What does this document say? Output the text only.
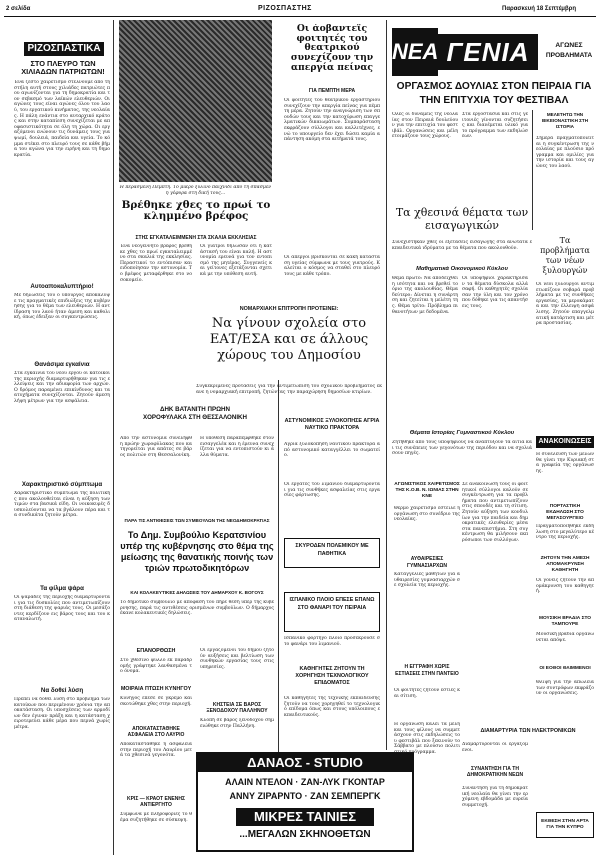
2 σελίδα	ΡΙΖΟΣΠΑΣΤΗΣ	Παρασκευή 18 Σεπτέμβρη
ΡΙΖΟΣΠΑΣΤΙΚΑ
ΣΤΟ ΠΛΕΥΡΟ ΤΩΝ ΧΙΛΙΑΔΩΝ ΠΑΤΡΙΩΤΩΝ!
Ένα ζεστό χαιρετισμό στέλνουμε από τη στήλη αυτή στους χιλιάδες πατριώτες που αγωνίζονται για τη δημοκρατία και τον σεβασμό των λαϊκών ελευθεριών. Οι αγώνες τους είναι αγώνες όλου του λαού, του εργατικού κινήματος, της νεολαίας. Η πάλη ενάντια στο αυταρχικό κράτος και στην καταπίεση συνεχίζεται με αποφασιστικότητα σε όλη τη χώρα. Οι εργαζόμενοι ενώνουν τις δυνάμεις τους για ψωμί, δουλειά, παιδεία και υγεία. Το κόμμα στέκει στο πλευρό τους σε κάθε βήμα του αγώνα για την ειρήνη και τη δημοκρατία.
Αυτοαποκαλυπτήριο!
Με δηλώσεις του ο υπουργός αποκάλυψε τις πραγματικές επιδιώξεις της κυβέρνησης για το θέμα των ελευθεριών. Η αντίδραση του λαού ήταν άμεση και καθολική, όπως έδειξαν οι συγκεντρώσεις.
Θανάσιμα εγκαίνια
Στα εγκαίνια του νέου έργου οι κάτοικοι της περιοχής διαμαρτυρήθηκαν για τις ελλείψεις και την αδιαφορία των αρχών. Ο δρόμος παραμένει επικίνδυνος και τα ατυχήματα συνεχίζονται. Ζητούν άμεση λήψη μέτρων για την ασφάλεια.
Χαρακτηριστικό σύμπτωμα
Χαρακτηριστικό σύμπτωμα της πολιτικής που ακολουθείται είναι η αύξηση των τιμών στα βασικά είδη. Οι νοικοκυρές δυσκολεύονται να τα βγάλουν πέρα και τα συνδικάτα ζητούν μέτρα.
Τα φίλμα ψάρα
Οι ψαράδες της περιοχής διαμαρτύρονται για τις δυσκολίες που αντιμετωπίζουν στη διάθεση της ψαριάς τους. Οι μεσάζοντες κερδίζουν εις βάρος τους και του καταναλωτή.
Να δοθεί λύση
Πρέπει να δοθεί λύση στο πρόβλημα των κατοίκων που περιμένουν χρόνια την αποκατάσταση. Οι υποσχέσεις των αρμοδίων δεν έγιναν πράξη και η κατάσταση χειροτερεύει κάθε μέρα που περνά χωρίς μέτρα.
Η περασμένη Πέμπτη. Το μικρό ξύλινο παιχνίδι από τη σπασμένη γέφυρα στη δική τους...
Βρέθηκε χθες το πρωί το κλημμένο βρέφος
ΣΤΗΣ ΕΓΚΑΤΑΛΕΙΜΜΕΝΗ ΣΤΑ ΣΚΑΛΙΑ ΕΚΚΛΗΣΙΑΣ
Ένα νεογέννητο βρέφος βρέθηκε χθες το πρωί εγκαταλειμμένο στα σκαλιά της εκκλησίας. Περαστικοί το εντόπισαν και ειδοποίησαν την αστυνομία. Το βρέφος μεταφέρθηκε στο νοσοκομείο.
Οι γιατροί δήλωσαν ότι η κατάστασή του είναι καλή. Η αστυνομία ερευνά για τον εντοπισμό της μητέρας. Συγγενείς και γείτονες εξετάζονται σχετικά με την υπόθεση αυτή.
Οι άοβαντεϊς φοιτητές του θεατρικού συνεχίζουν την απεργία πείνας
ΓΙΑ ΠΕΜΠΤΗ ΜΕΡΑ
Οι φοιτητές του θεατρικού εργαστηρίου συνεχίζουν την απεργία πείνας για πέμπτη μέρα. Ζητούν την αναγνώριση των σπουδών τους και την κατοχύρωση επαγγελματικών δικαιωμάτων. Συμπαράσταση εκφράζουν σύλλογοι και καλλιτέχνες, ενώ το υπουργείο δεν έχει δώσει καμία απάντηση ακόμη στα αιτήματά τους.
Οι απεργοί βρίσκονται σε κακή κατάσταση υγείας σύμφωνα με τους γιατρούς. Καλείται ο κόσμος να σταθεί στο πλευρό τους με κάθε τρόπο.
ΝΟΜΑΡΧΙΑΚΗ ΕΠΙΤΡΟΠΗ ΠΡΟΤΕΙΝΕΙ:
Να γίνουν σχολεία στο ΕΑΤ/ΕΣΑ και σε άλλους χώρους του Δημοσίου
Συγκεκριμένες προτάσεις για την αντιμετώπιση του σχολικού προβλήματος έκανε η νομαρχιακή επιτροπή, ζητώντας την παραχώρηση δημοσίων κτιρίων.
ΔΗΚ ΒΑΤΑΝΙΤΗ ΠΡΩΗΝ ΧΟΡΟΦΥΛΑΚΑ ΣΤΗ ΘΕΣΣΑΛΟΝΙΚΗ
Από την αστυνομία συνελήφθη πρώην χωροφύλακας που κατηγορείται για απάτες σε βάρος πολιτών στη Θεσσαλονίκη.
Η υπόθεση παραπέμφθηκε στον εισαγγελέα και η έρευνα συνεχίζεται για να εντοπιστούν κι άλλα θύματα.
ΠΑΡΑ ΤΙΣ ΑΝΤΙΘΕΣΕΙΣ ΤΩΝ ΣΥΜΒΟΥΛΩΝ ΤΗΣ ΝΕΟΔΗΜΟΚΡΑΤΙΑΣ
Το Δημ. Συμβούλιο Κερατσινίου υπέρ της κυβέρνησης στο θέμα της μείωσης της θανατικής ποινής των τριών πρωτοδικητόρων
ΚΑΙ ΚΟΛΑΚΕΥΤΙΚΕΣ ΔΗΛΩΣΕΙΣ ΤΟΥ ΔΗΜΑΡΧΟΥ Κ. ΒΟΓΟΥΣ
Το δημοτικό συμβούλιο με απόφασή του πήρε θέση υπέρ της κυβέρνησης, παρά τις αντιθέσεις ορισμένων συμβούλων. Ο δήμαρχος έκανε κολακευτικές δηλώσεις.
ΕΠΑΝΟΡΘΩΣΗ
Στο χθεσινό φύλλο εκ παραδρομής γράφτηκε λανθασμένα το όνομα.
ΜΟΙΡΑΙΑ ΠΤΩΣΗ ΚΥΝΗΓΟΥ
Κυνηγός έπεσε σε γκρεμό και σκοτώθηκε χθες στην περιοχή.
ΑΠΟΚΑΤΑΣΤΑΘΗΚΕ ΑΣΦΑΛΕΙΑ ΣΤΟ ΛΑΥΡΙΟ
Αποκαταστάθηκε η ασφάλεια στην περιοχή του Λαυρίου μετά τα χθεσινά γεγονότα.
ΚΡΙΣ — ΚΡΑΟΤ ΕΝΕΝΗΣ ΑΝΤΙΕΡΓΗΤΟ
Σύμφωνα με πληροφορίες το θέμα συζητήθηκε σε σύσκεψη.
Οι εργαζόμενοι του δήμου ζητούν αυξήσεις και βελτίωση των συνθηκών εργασίας τους στις υπηρεσίες.
ΚΗΣΤΕΙΑ ΣΕ ΒΑΡΟΣ ΞΕΝΟΔΟΧΟΥ ΠΑΛΛΗΝΟΥ
Κλοπή σε βάρος ξενοδόχου σημειώθηκε στην Παλλήνη.
ΑΣΤΥΝΟΜΙΚΟΣ ΞΥΛΟΚΟΠΗΣΕ ΑΓΡΙΑ ΝΑΥΤΙΚΟ ΠΡΑΚΤΟΡΑ
Άγρια ξυλοκόπηση ναυτικού πράκτορα από αστυνομικό καταγγέλλει το σωματείο.
Οι εργάτες του λιμανιού διαμαρτύρονται για τις συνθήκες ασφαλείας στις εργασίες φόρτωσης.
ΙΣΠΑΝΙΚΟ ΠΛΟΙΟ ΕΠΕΣΕ ΕΠΑΝΩ ΣΤΟ ΦΑΝΑΡΙ ΤΟΥ ΠΕΙΡΑΙΑ
Ισπανικό φορτηγό πλοίο προσέκρουσε στο φανάρι του λιμανιού.
ΚΑΘΗΓΗΤΕΣ ΖΗΤΟΥΝ ΤΗ ΧΟΡΗΓΗΣΗ ΤΕΧΝΟΛΟΓΙΚΟΥ ΕΠΙΔΟΜΑΤΟΣ
Οι καθηγητές της τεχνικής εκπαίδευσης ζητούν να τους χορηγηθεί το τεχνολογικό επίδομα όπως και στους υπόλοιπους εκπαιδευτικούς.
ΣΚΥΡΟΔΕΝ ΠΟΛΕΜΙΚΟΥ ΜΕ ΠΑΘΗΤΙΚΑ
ΔΑΝΑΟΣ - STUDIO
ΑΛΑΙΝ ΝΤΕΛΟΝ · ΖΑΝ-ΛΥΚ ΓΚΟΝΤΑΡ
ΑΝΝΥ ΖΙΡΑΡΝΤΟ · ΖΑΝ ΣΕΜΠΕΡΓΚ
ΜΙΚΡΕΣ ΤΑΙΝΙΕΣ
...ΜΕΓΑΛΩΝ ΣΚΗΝΟΘΕΤΩΝ
ΝΕΑ ΓΕΝΙΑ	ΑΓΩΝΕΣ
ΠΡΟΒΛΗΜΑΤΑ
ΟΡΓΑΣΜΟΣ ΔΟΥΛΙΑΣ ΣΤΟΝ ΠΕΙΡΑΙΑ ΓΙΑ ΤΗΝ ΕΠΙΤΥΧΙΑ ΤΟΥ ΦΕΣΤΙΒΑΛ
ΜΕΛΕΤΗΤΩ ΤΗΝ ΒΙΚΕΙΟΝΑΣΤΙΚΗ ΣΤΗ ΙΣΤΟΡΙΑ
Σήμερα πραγματοποιείται η συγκέντρωση της νεολαίας με πλούσιο πρόγραμμα και ομιλίες για την ιστορία και τους αγώνες του λαού.
Όλες οι δυνάμεις της νεολαίας στον Πειραιά δουλεύουν για την επιτυχία του φεστιβάλ. Οργανώσεις και μέλη ετοιμάζουν τους χώρους.
Στα εργοστάσια και στις γειτονιές γίνονται συζητήσεις και διανέμεται υλικό για το πρόγραμμα των εκδηλώσεων.
Τα χθεσινά θέματα των εισαγωγικών
Συνεχίστηκαν χθες οι εξετάσεις εισαγωγής στα ανώτατα εκπαιδευτικά ιδρύματα με τα θέματα που ακολουθούν.
Μαθηματικά Οικονομικού Κύκλου
Θέμα πρώτο: Να αποδειχθεί η ισότητα και να βρεθεί το όριο της ακολουθίας. Θέμα δεύτερο: Δίνεται η συνάρτηση και ζητείται η μελέτη της. Θέμα τρίτο: Πρόβλημα πιθανοτήτων με δεδομένα.
Οι υποψήφιοι χαρακτήρισαν τα θέματα δύσκολα αλλά σαφή. Οι καθηγητές σχολίασαν την ύλη και τον χρόνο που δόθηκε για τις απαντήσεις τους.
Θέματα Ιστορίας Γυμναστικού Κύκλου
Ζητήθηκε από τους υποψηφίους να αναπτύξουν τα αίτια και τις συνέπειες των γεγονότων της περιόδου και να σχολιάσουν πηγές.
Τα προβλήματα των νέων ξυλουργών
Οι νέοι ξυλουργοί αντιμετωπίζουν σοβαρά προβλήματα με τις συνθήκες εργασίας, τα μεροκάματα και την έλλειψη ασφάλισης. Ζητούν επαγγελματική κατάρτιση και μέτρα προστασίας.
ΑΝΑΚΟΙΝΩΣΕΙΣ
Η συνέλευση των μελών θα γίνει την Κυριακή στα γραφεία της οργάνωσης.
ΑΓΩΝΙΣΤΙΚΟΣ ΧΑΙΡΕΤΙΣΜΟΣ ΤΗΣ Κ.Ο.Β. Ν. ΙΩΝΙΑΣ ΣΤΗΝ ΚΝΕ
Θερμό χαιρετισμό έστειλε η οργάνωση στο συνέδριο της νεολαίας.
ΑΥΘΑΙΡΕΣΙΕΣ ΓΥΜΝΑΣΙΑΡΧΩΝ
Καταγγελίες μαθητών για αυθαιρεσίες γυμνασιαρχών σε σχολεία της περιοχής.
Η ΕΓΓΡΑΦΗ ΧΩΡΙΣ ΕΣΤΙΑΣΕΙΣ ΣΤΗΝ ΠΑΝΤΕΙΟ
Οι φοιτητές ζητούν εστίες και σίτιση.
Σε ανακοίνωσή τους οι φοιτητικοί σύλλογοι καλούν σε συγκέντρωση για τα προβλήματα που αντιμετωπίζουν στις σπουδές και τη σίτιση. Ζητούν αύξηση των κονδυλίων για την παιδεία και δημοκρατικές ελευθερίες μέσα στα πανεπιστήμια. Στη συγκέντρωση θα μιλήσουν εκπρόσωποι των συλλόγων.
ΠΟΡΤΑΣΤΙΚΗ ΕΚΔΗΛΩΣΗ ΣΤΟ ΜΕΓΑΣΟΥΡΓΕΙΟ
Πραγματοποιήθηκε εκδήλωση στο μεγαλύτερο κέντρο της περιοχής.
ΖΗΤΟΥΝ ΤΗΝ ΑΜΕΣΗ ΑΠΟΜΑΚΡΥΝΣΗ ΚΑΘΗΓΗΤΗ
Οι γονείς ζητούν την απομάκρυνση του καθηγητή.
ΜΟΥΣΙΚΗ ΒΡΑΔΙΑ ΣΤΟ ΤΑΜΠΟΥΡΕ
Μουσική βραδιά οργανώνεται απόψε.
ΔΙΑΜΑΡΤΥΡΙΑ ΤΩΝ ΗΛΕΚΤΡΟΝΙΚΩΝ
Διαμαρτύρονται οι εργαζόμενοι.
ΣΥΝΑΝΤΗΣΗ ΓΙΑ ΤΗ ΔΗΜΟΚΡΑΤΙΚΗΝ ΝΕΩΝ
Συνάντηση για τη δημοκρατική νεολαία θα γίνει την ερχόμενη εβδομάδα με ευρεία συμμετοχή.
ΟΙ ΕΟΘΟΙ ΘΛΙΜΜΕΝΟΙ
Θλίψη για την απώλεια των συντρόφων εκφράζουν οι οργανώσεις.
ΕΚΘΕΣΗ ΣΤΗΝ ΑΡΤΑ ΓΙΑ ΤΗΝ ΚΥΠΡΟ
Η οργάνωση καλεί τα μέλη και τους φίλους να συμμετάσχουν στις εκδηλώσεις του φεστιβάλ που ξεκινούν το Σάββατο με πλούσιο πολιτιστικό πρόγραμμα.
